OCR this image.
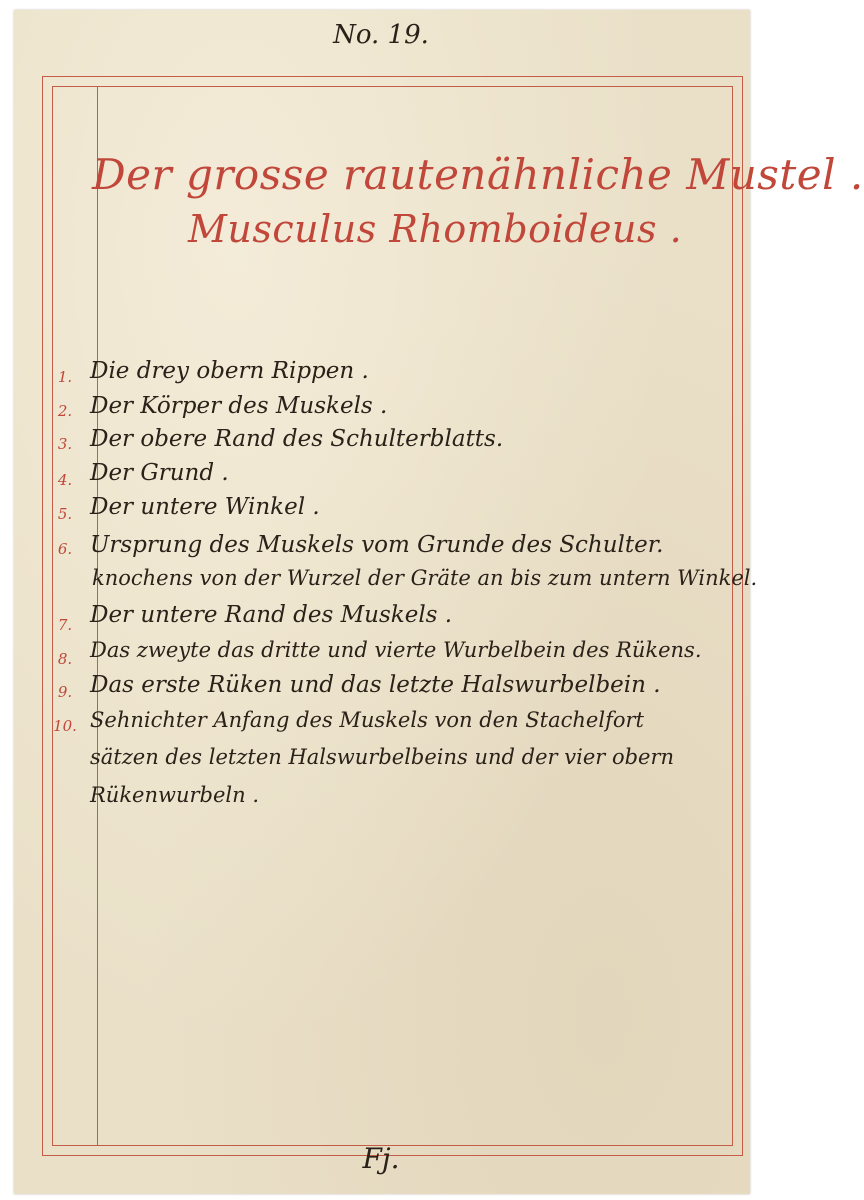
No. 19.
Der grosse rautenähnliche Mustel .
Musculus Rhomboideus .
1. Die drey obern Rippen .
2. Der Körper des Muskels .
3. Der obere Rand des Schulterblatts.
4. Der Grund .
5. Der untere Winkel .
6. Ursprung des Muskels vom Grunde des Schulter.
knochens von der Wurzel der Gräte an bis zum untern Winkel.
7. Der untere Rand des Muskels .
8. Das zweyte das dritte und vierte Wurbelbein des Rükens.
9. Das erste Rüken und das letzte Halswurbelbein .
10. Sehnichter Anfang des Muskels von den Stachelfort
sätzen des letzten Halswurbelbeins und der vier obern
Rükenwurbeln .
Fj.
